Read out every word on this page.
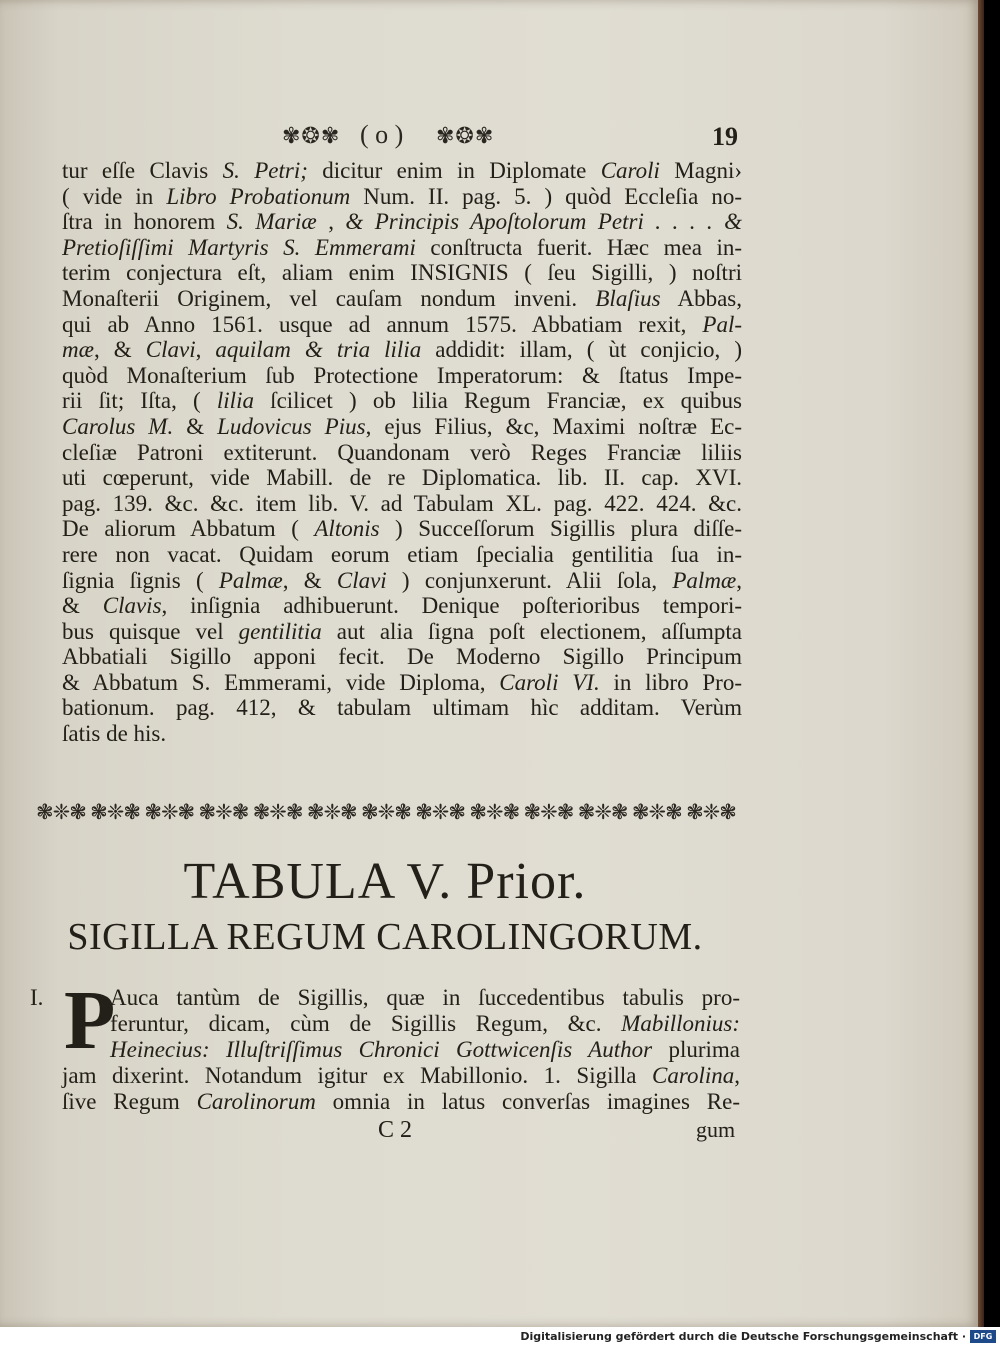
✾❂✾ ( o ) ✾❂✾	19
tur eſſe Clavis S. Petri; dicitur enim in Diplomate Caroli Magni›
( vide in Libro Probationum Num. II. pag. 5. ) quòd Eccleſia no-
ſtra in honorem S. Mariæ , & Principis Apoſtolorum Petri . . . . &
Pretioſiſſimi Martyris S. Emmerami conſtructa fuerit. Hæc mea in-
terim conjectura eſt, aliam enim INSIGNIS ( ſeu Sigilli, ) noſtri
Monaſterii Originem, vel cauſam nondum inveni. Blaſius Abbas,
qui ab Anno 1561. usque ad annum 1575. Abbatiam rexit, Pal-
mæ, & Clavi, aquilam & tria lilia addidit: illam, ( ùt conjicio, )
quòd Monaſterium ſub Protectione Imperatorum: & ſtatus Impe-
rii ſit; Iſta, ( lilia ſcilicet ) ob lilia Regum Franciæ, ex quibus
Carolus M. & Ludovicus Pius, ejus Filius, &c, Maximi noſtræ Ec-
cleſiæ Patroni extiterunt. Quandonam verò Reges Franciæ liliis
uti cœperunt, vide Mabill. de re Diplomatica. lib. II. cap. XVI.
pag. 139. &c. &c. item lib. V. ad Tabulam XL. pag. 422. 424. &c.
De aliorum Abbatum ( Altonis ) Succeſſorum Sigillis plura diſſe-
rere non vacat. Quidam eorum etiam ſpecialia gentilitia ſua in-
ſignia ſignis ( Palmæ, & Clavi ) conjunxerunt. Alii ſola, Palmæ,
& Clavis, inſignia adhibuerunt. Denique poſterioribus tempori-
bus quisque vel gentilitia aut alia ſigna poſt electionem, aſſumpta
Abbatiali Sigillo apponi fecit. De Moderno Sigillo Principum
& Abbatum S. Emmerami, vide Diploma, Caroli VI. in libro Pro-
bationum. pag. 412, & tabulam ultimam hìc additam. Verùm
ſatis de his.
❃❈❃ ❃❈❃ ❃❈❃ ❃❈❃ ❃❈❃ ❃❈❃ ❃❈❃ ❃❈❃ ❃❈❃ ❃❈❃ ❃❈❃ ❃❈❃ ❃❈❃
TABULA V. Prior.
SIGILLA REGUM CAROLINGORUM.
I. P
Auca tantùm de Sigillis, quæ in ſuccedentibus tabulis pro-
feruntur, dicam, cùm de Sigillis Regum, &c. Mabillonius:
Heinecius: Illuſtriſſimus Chronici Gottwicenſis Author plurima
jam dixerint. Notandum igitur ex Mabillonio. 1. Sigilla Carolina,
ſive Regum Carolinorum omnia in latus converſas imagines Re-
C 2	gum
Digitalisierung gefördert durch die Deutsche Forschungsgemeinschaft · DFG
